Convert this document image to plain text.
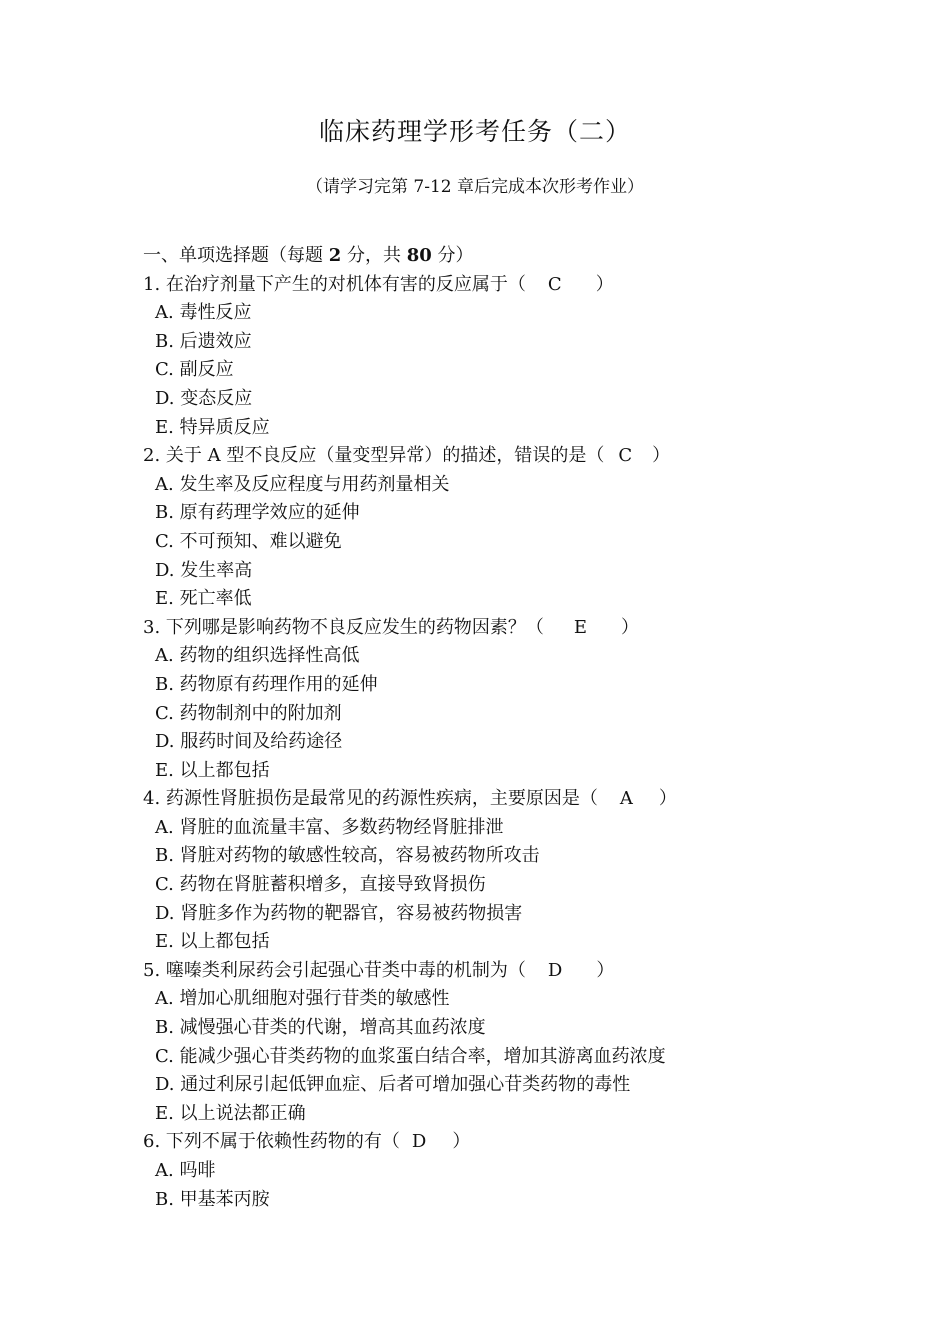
临床药理学形考任务（二）
（请学习完第 7-12 章后完成本次形考作业）
一、单项选择题（每题 2 分，共 80 分）
1. 在治疗剂量下产生的对机体有害的反应属于（ C ）
A. 毒性反应
B. 后遗效应
C. 副反应
D. 变态反应
E. 特异质反应
2. 关于 A 型不良反应（量变型异常）的描述，错误的是（ C ）
A. 发生率及反应程度与用药剂量相关
B. 原有药理学效应的延伸
C. 不可预知、难以避免
D. 发生率高
E. 死亡率低
3. 下列哪是影响药物不良反应发生的药物因素？（ E ）
A. 药物的组织选择性高低
B. 药物原有药理作用的延伸
C. 药物制剂中的附加剂
D. 服药时间及给药途径
E. 以上都包括
4. 药源性肾脏损伤是最常见的药源性疾病，主要原因是（ A ）
A. 肾脏的血流量丰富、多数药物经肾脏排泄
B. 肾脏对药物的敏感性较高，容易被药物所攻击
C. 药物在肾脏蓄积增多，直接导致肾损伤
D. 肾脏多作为药物的靶器官，容易被药物损害
E. 以上都包括
5. 噻嗪类利尿药会引起强心苷类中毒的机制为（ D ）
A. 增加心肌细胞对强行苷类的敏感性
B. 减慢强心苷类的代谢，增高其血药浓度
C. 能减少强心苷类药物的血浆蛋白结合率，增加其游离血药浓度
D. 通过利尿引起低钾血症、后者可增加强心苷类药物的毒性
E. 以上说法都正确
6. 下列不属于依赖性药物的有（ D ）
A. 吗啡
B. 甲基苯丙胺
